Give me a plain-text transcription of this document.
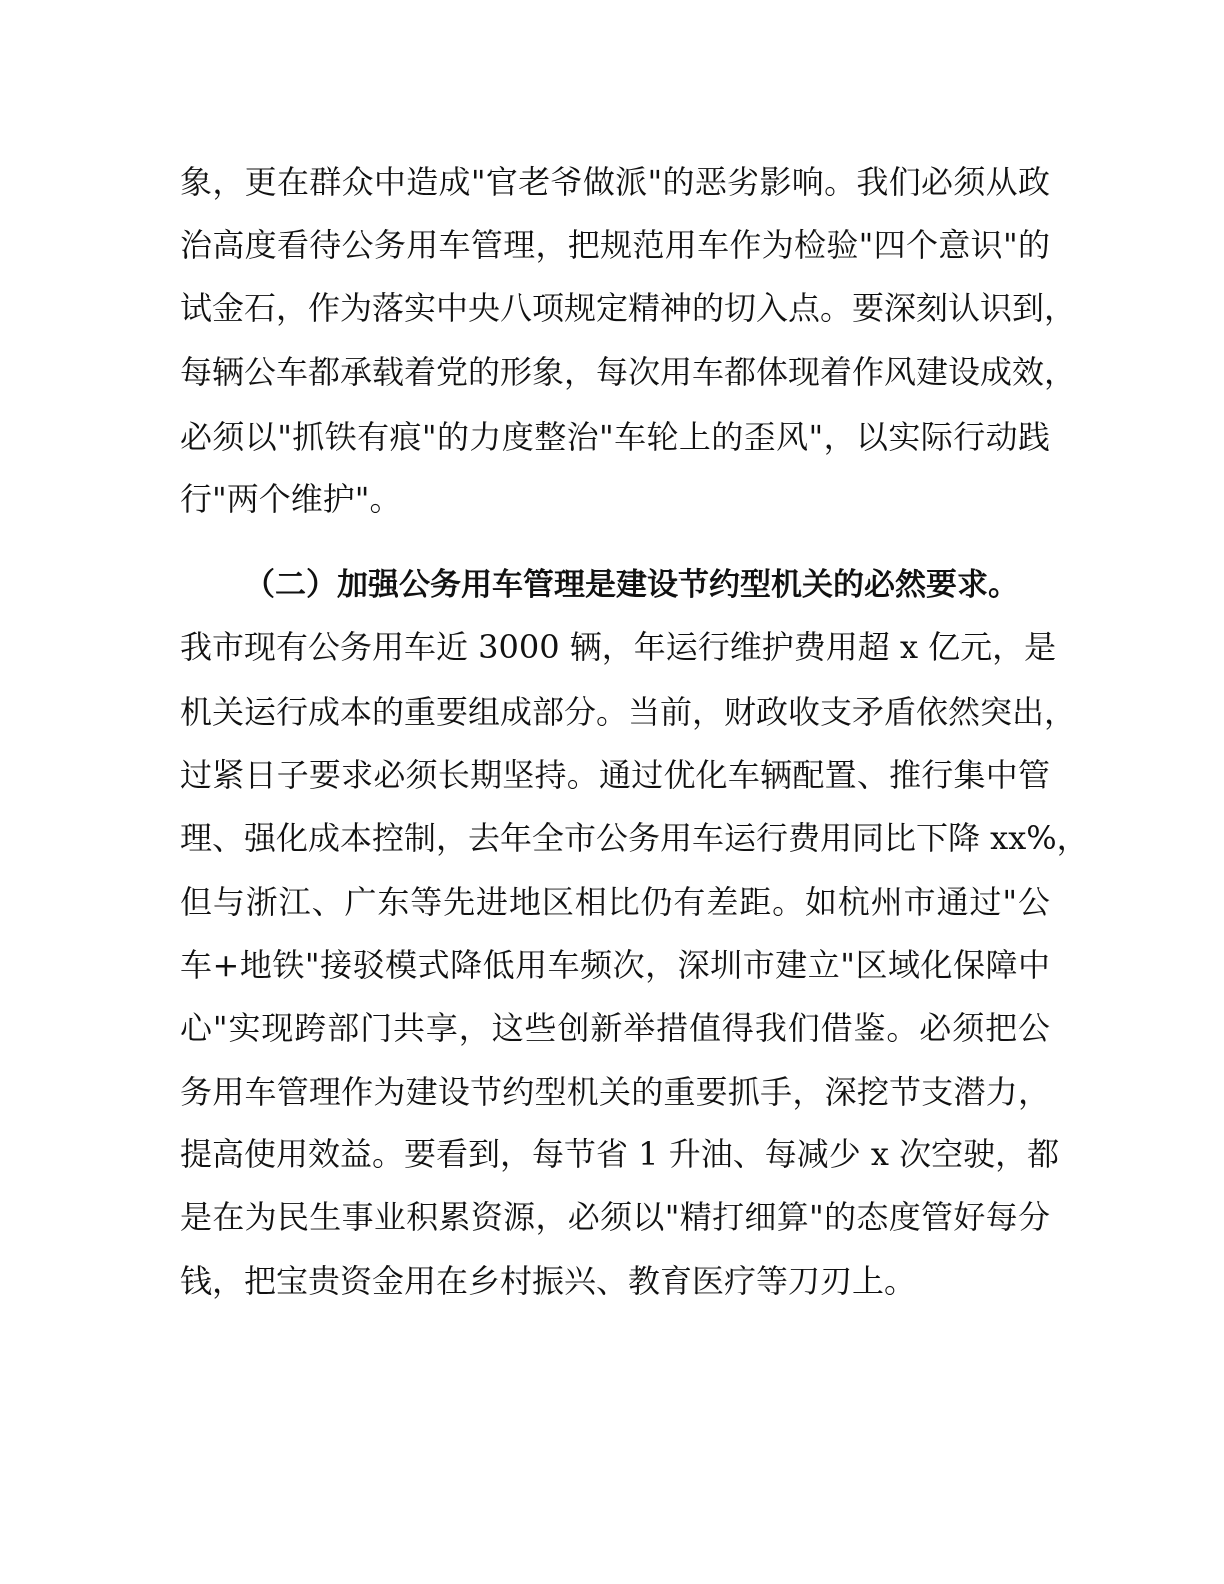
象，更在群众中造成"官老爷做派"的恶劣影响。我们必须从政
治高度看待公务用车管理，把规范用车作为检验"四个意识"的
试金石，作为落实中央八项规定精神的切入点。要深刻认识到，
每辆公车都承载着党的形象，每次用车都体现着作风建设成效，
必须以"抓铁有痕"的力度整治"车轮上的歪风"，以实际行动践
行"两个维护"。
（二）加强公务用车管理是建设节约型机关的必然要求。
我市现有公务用车近 3000 辆，年运行维护费用超 x 亿元，是
机关运行成本的重要组成部分。当前，财政收支矛盾依然突出，
过紧日子要求必须长期坚持。通过优化车辆配置、推行集中管
理、强化成本控制，去年全市公务用车运行费用同比下降 xx%，
但与浙江、广东等先进地区相比仍有差距。如杭州市通过"公
车+地铁"接驳模式降低用车频次，深圳市建立"区域化保障中
心"实现跨部门共享，这些创新举措值得我们借鉴。必须把公
务用车管理作为建设节约型机关的重要抓手，深挖节支潜力，
提高使用效益。要看到，每节省 1 升油、每减少 x 次空驶，都
是在为民生事业积累资源，必须以"精打细算"的态度管好每分
钱，把宝贵资金用在乡村振兴、教育医疗等刀刃上。
